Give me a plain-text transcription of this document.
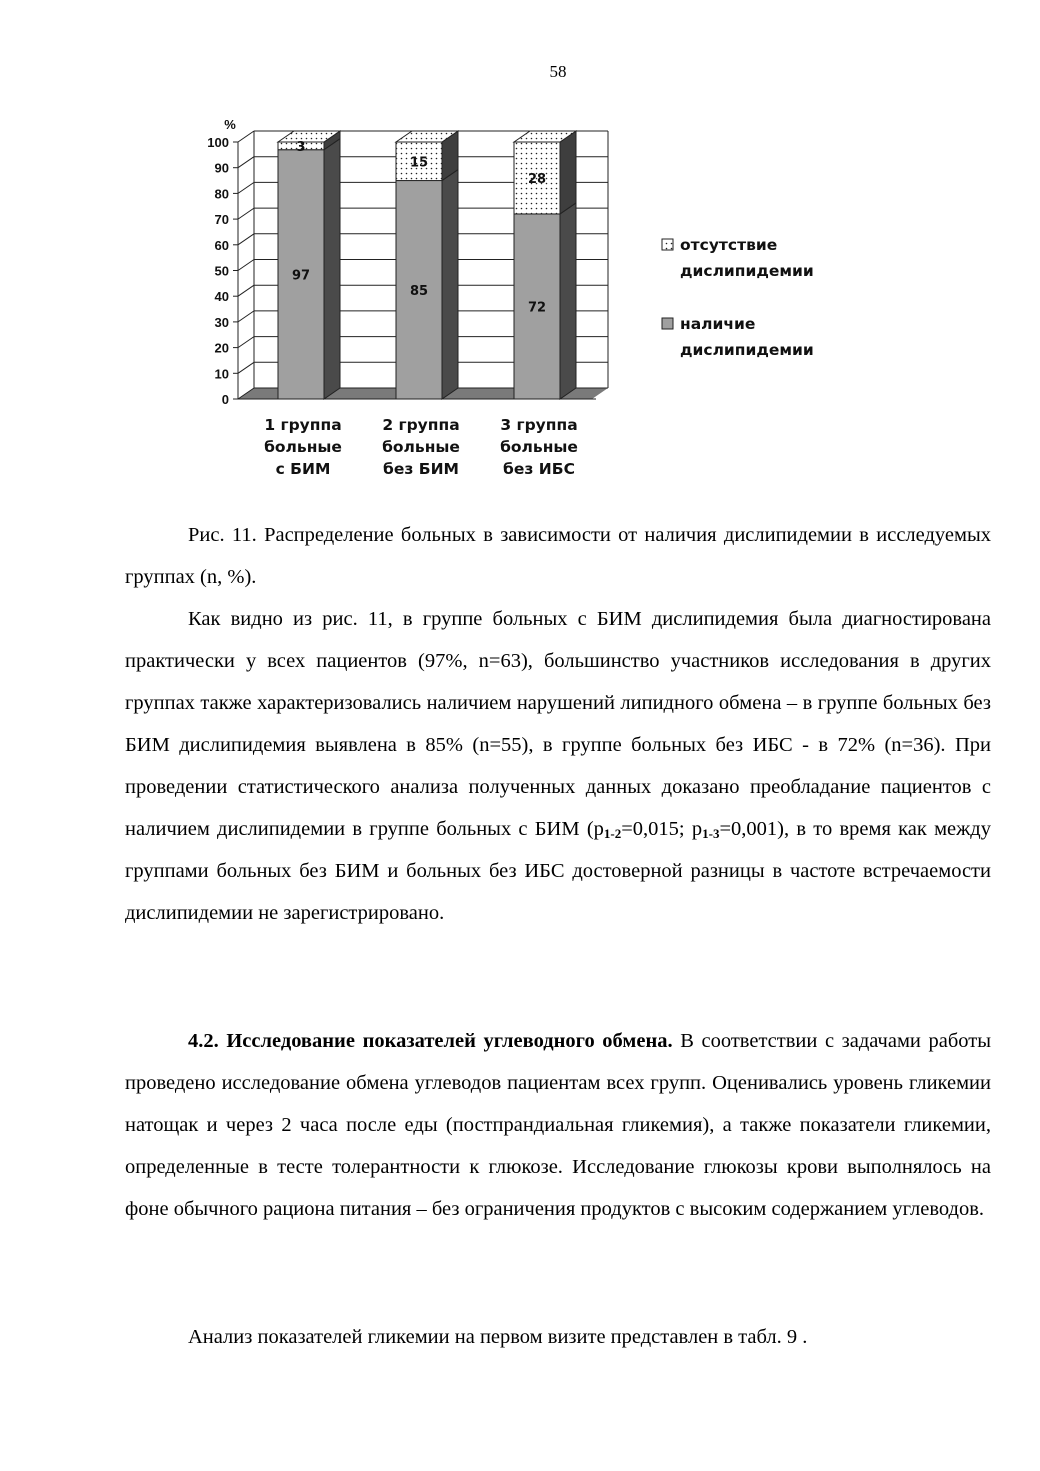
58
0
10
20
30
40
50
60
70
80
90
100
%
97
3
1 группа
больные
с БИМ
85
15
2 группа
больные
без БИМ
72
28
3 группа
больные
без ИБС
отсутствие
дислипидемии
наличие
дислипидемии

Рис. 11. Распределение больных в зависимости от наличия дислипидемии в исследуемых группах (n, %).

Как видно из рис. 11, в группе больных с БИМ дислипидемия была диагностирована практически у всех пациентов (97%, n=63), большинство участников исследования в других группах также характеризовались наличием нарушений липидного обмена – в группе больных без БИМ дислипидемия выявлена в 85% (n=55), в группе больных без ИБС - в 72% (n=36). При проведении статистического анализа полученных данных доказано преобладание пациентов с наличием дислипидемии в группе больных с БИМ ($p_{1-2}=0,015$; $p_{1-3}=0,001$), в то время как между группами больных без БИМ и больных без ИБС достоверной разницы в частоте встречаемости дислипидемии не зарегистрировано.

4.2. Исследование показателей углеводного обмена. В соответствии с задачами работы проведено исследование обмена углеводов пациентам всех групп. Оценивались уровень гликемии натощак и через 2 часа после еды (постпрандиальная гликемия), а также показатели гликемии, определенные в тесте толерантности к глюкозе. Исследование глюкозы крови выполнялось на фоне обычного рациона питания – без ограничения продуктов с высоким содержанием углеводов.

Анализ показателей гликемии на первом визите представлен в табл. 9 .
